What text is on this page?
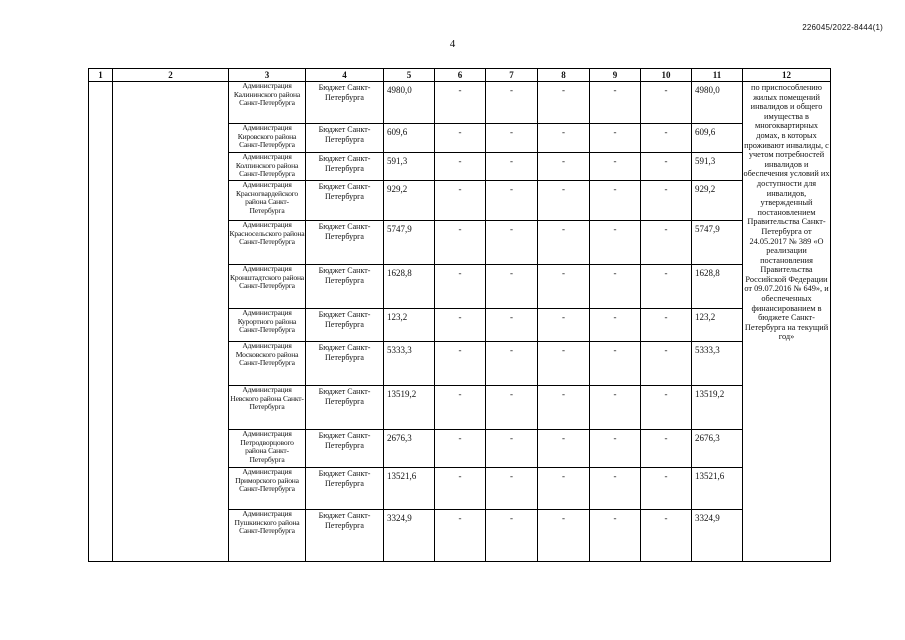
226045/2022-8444(1)
4
1	2	3	4	5	6	7	8	9	10	11	12
		Администрация Калининского района Санкт-Петербурга	Бюджет Санкт-Петербурга	4980,0	-	-	-	-	-	4980,0	по приспособлению жилых помещений инвалидов и общего имущества в многоквартирных домах, в которых проживают инвалиды, с учетом потребностей инвалидов и обеспечения условий их доступности для инвалидов, утвержденный постановлением Правительства Санкт-Петербурга от 24.05.2017 № 389 «О реализации постановления Правительства Российской Федерации от 09.07.2016 № 649», и обеспеченных финансированием в бюджете Санкт-Петербурга на текущий год»
		Администрация Кировского района Санкт-Петербурга	Бюджет Санкт-Петербурга	609,6	-	-	-	-	-	609,6	
		Администрация Колпинского района Санкт-Петербурга	Бюджет Санкт-Петербурга	591,3	-	-	-	-	-	591,3	
		Администрация Красногвардейского района Санкт-Петербурга	Бюджет Санкт-Петербурга	929,2	-	-	-	-	-	929,2	
		Администрация Красносельского района Санкт-Петербурга	Бюджет Санкт-Петербурга	5747,9	-	-	-	-	-	5747,9	
		Администрация Кронштадтского района Санкт-Петербурга	Бюджет Санкт-Петербурга	1628,8	-	-	-	-	-	1628,8	
		Администрация Курортного района Санкт-Петербурга	Бюджет Санкт-Петербурга	123,2	-	-	-	-	-	123,2	
		Администрация Московского района Санкт-Петербурга	Бюджет Санкт-Петербурга	5333,3	-	-	-	-	-	5333,3	
		Администрация Невского района Санкт-Петербурга	Бюджет Санкт-Петербурга	13519,2	-	-	-	-	-	13519,2	
		Администрация Петродворцового района Санкт-Петербурга	Бюджет Санкт-Петербурга	2676,3	-	-	-	-	-	2676,3	
		Администрация Приморского района Санкт-Петербурга	Бюджет Санкт-Петербурга	13521,6	-	-	-	-	-	13521,6	
		Администрация Пушкинского района Санкт-Петербурга	Бюджет Санкт-Петербурга	3324,9	-	-	-	-	-	3324,9	
